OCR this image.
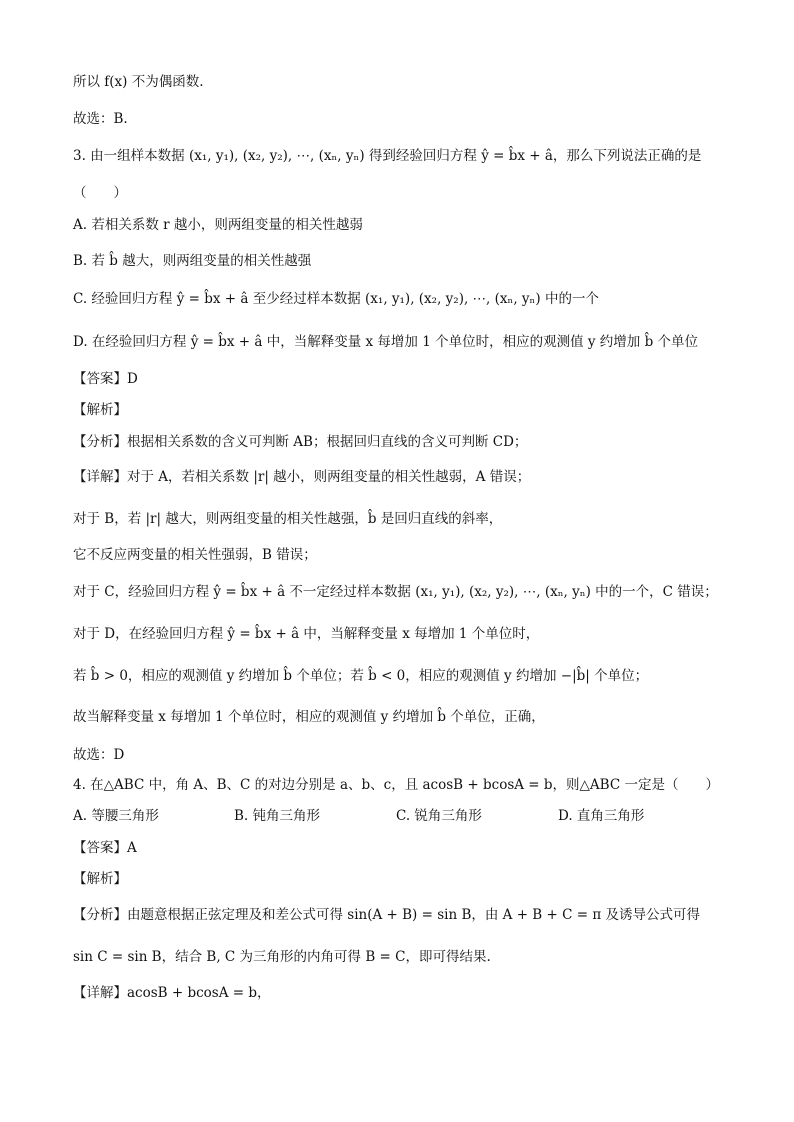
所以 f(x) 不为偶函数.
故选：B.
3. 由一组样本数据 (x₁, y₁), (x₂, y₂), ⋯, (xₙ, yₙ) 得到经验回归方程 ŷ = b̂x + â，那么下列说法正确的是
（　　）
A. 若相关系数 r 越小，则两组变量的相关性越弱
B. 若 b̂ 越大，则两组变量的相关性越强
C. 经验回归方程 ŷ = b̂x + â 至少经过样本数据 (x₁, y₁), (x₂, y₂), ⋯, (xₙ, yₙ) 中的一个
D. 在经验回归方程 ŷ = b̂x + â 中，当解释变量 x 每增加 1 个单位时，相应的观测值 y 约增加 b̂ 个单位
【答案】D
【解析】
【分析】根据相关系数的含义可判断 AB；根据回归直线的含义可判断 CD；
【详解】对于 A，若相关系数 |r| 越小，则两组变量的相关性越弱，A 错误；
对于 B，若 |r| 越大，则两组变量的相关性越强，b̂ 是回归直线的斜率，
它不反应两变量的相关性强弱，B 错误；
对于 C，经验回归方程 ŷ = b̂x + â 不一定经过样本数据 (x₁, y₁), (x₂, y₂), ⋯, (xₙ, yₙ) 中的一个，C 错误；
对于 D，在经验回归方程 ŷ = b̂x + â 中，当解释变量 x 每增加 1 个单位时，
若 b̂ > 0，相应的观测值 y 约增加 b̂ 个单位；若 b̂ < 0，相应的观测值 y 约增加 −|b̂| 个单位；
故当解释变量 x 每增加 1 个单位时，相应的观测值 y 约增加 b̂ 个单位，正确，
故选：D
4. 在△ABC 中，角 A、B、C 的对边分别是 a、b、c，且 acosB + bcosA = b，则△ABC 一定是（　　）
A. 等腰三角形	B. 钝角三角形	C. 锐角三角形	D. 直角三角形
【答案】A
【解析】
【分析】由题意根据正弦定理及和差公式可得 sin(A + B) = sin B，由 A + B + C = π 及诱导公式可得
sin C = sin B，结合 B, C 为三角形的内角可得 B = C，即可得结果.
【详解】acosB + bcosA = b，
